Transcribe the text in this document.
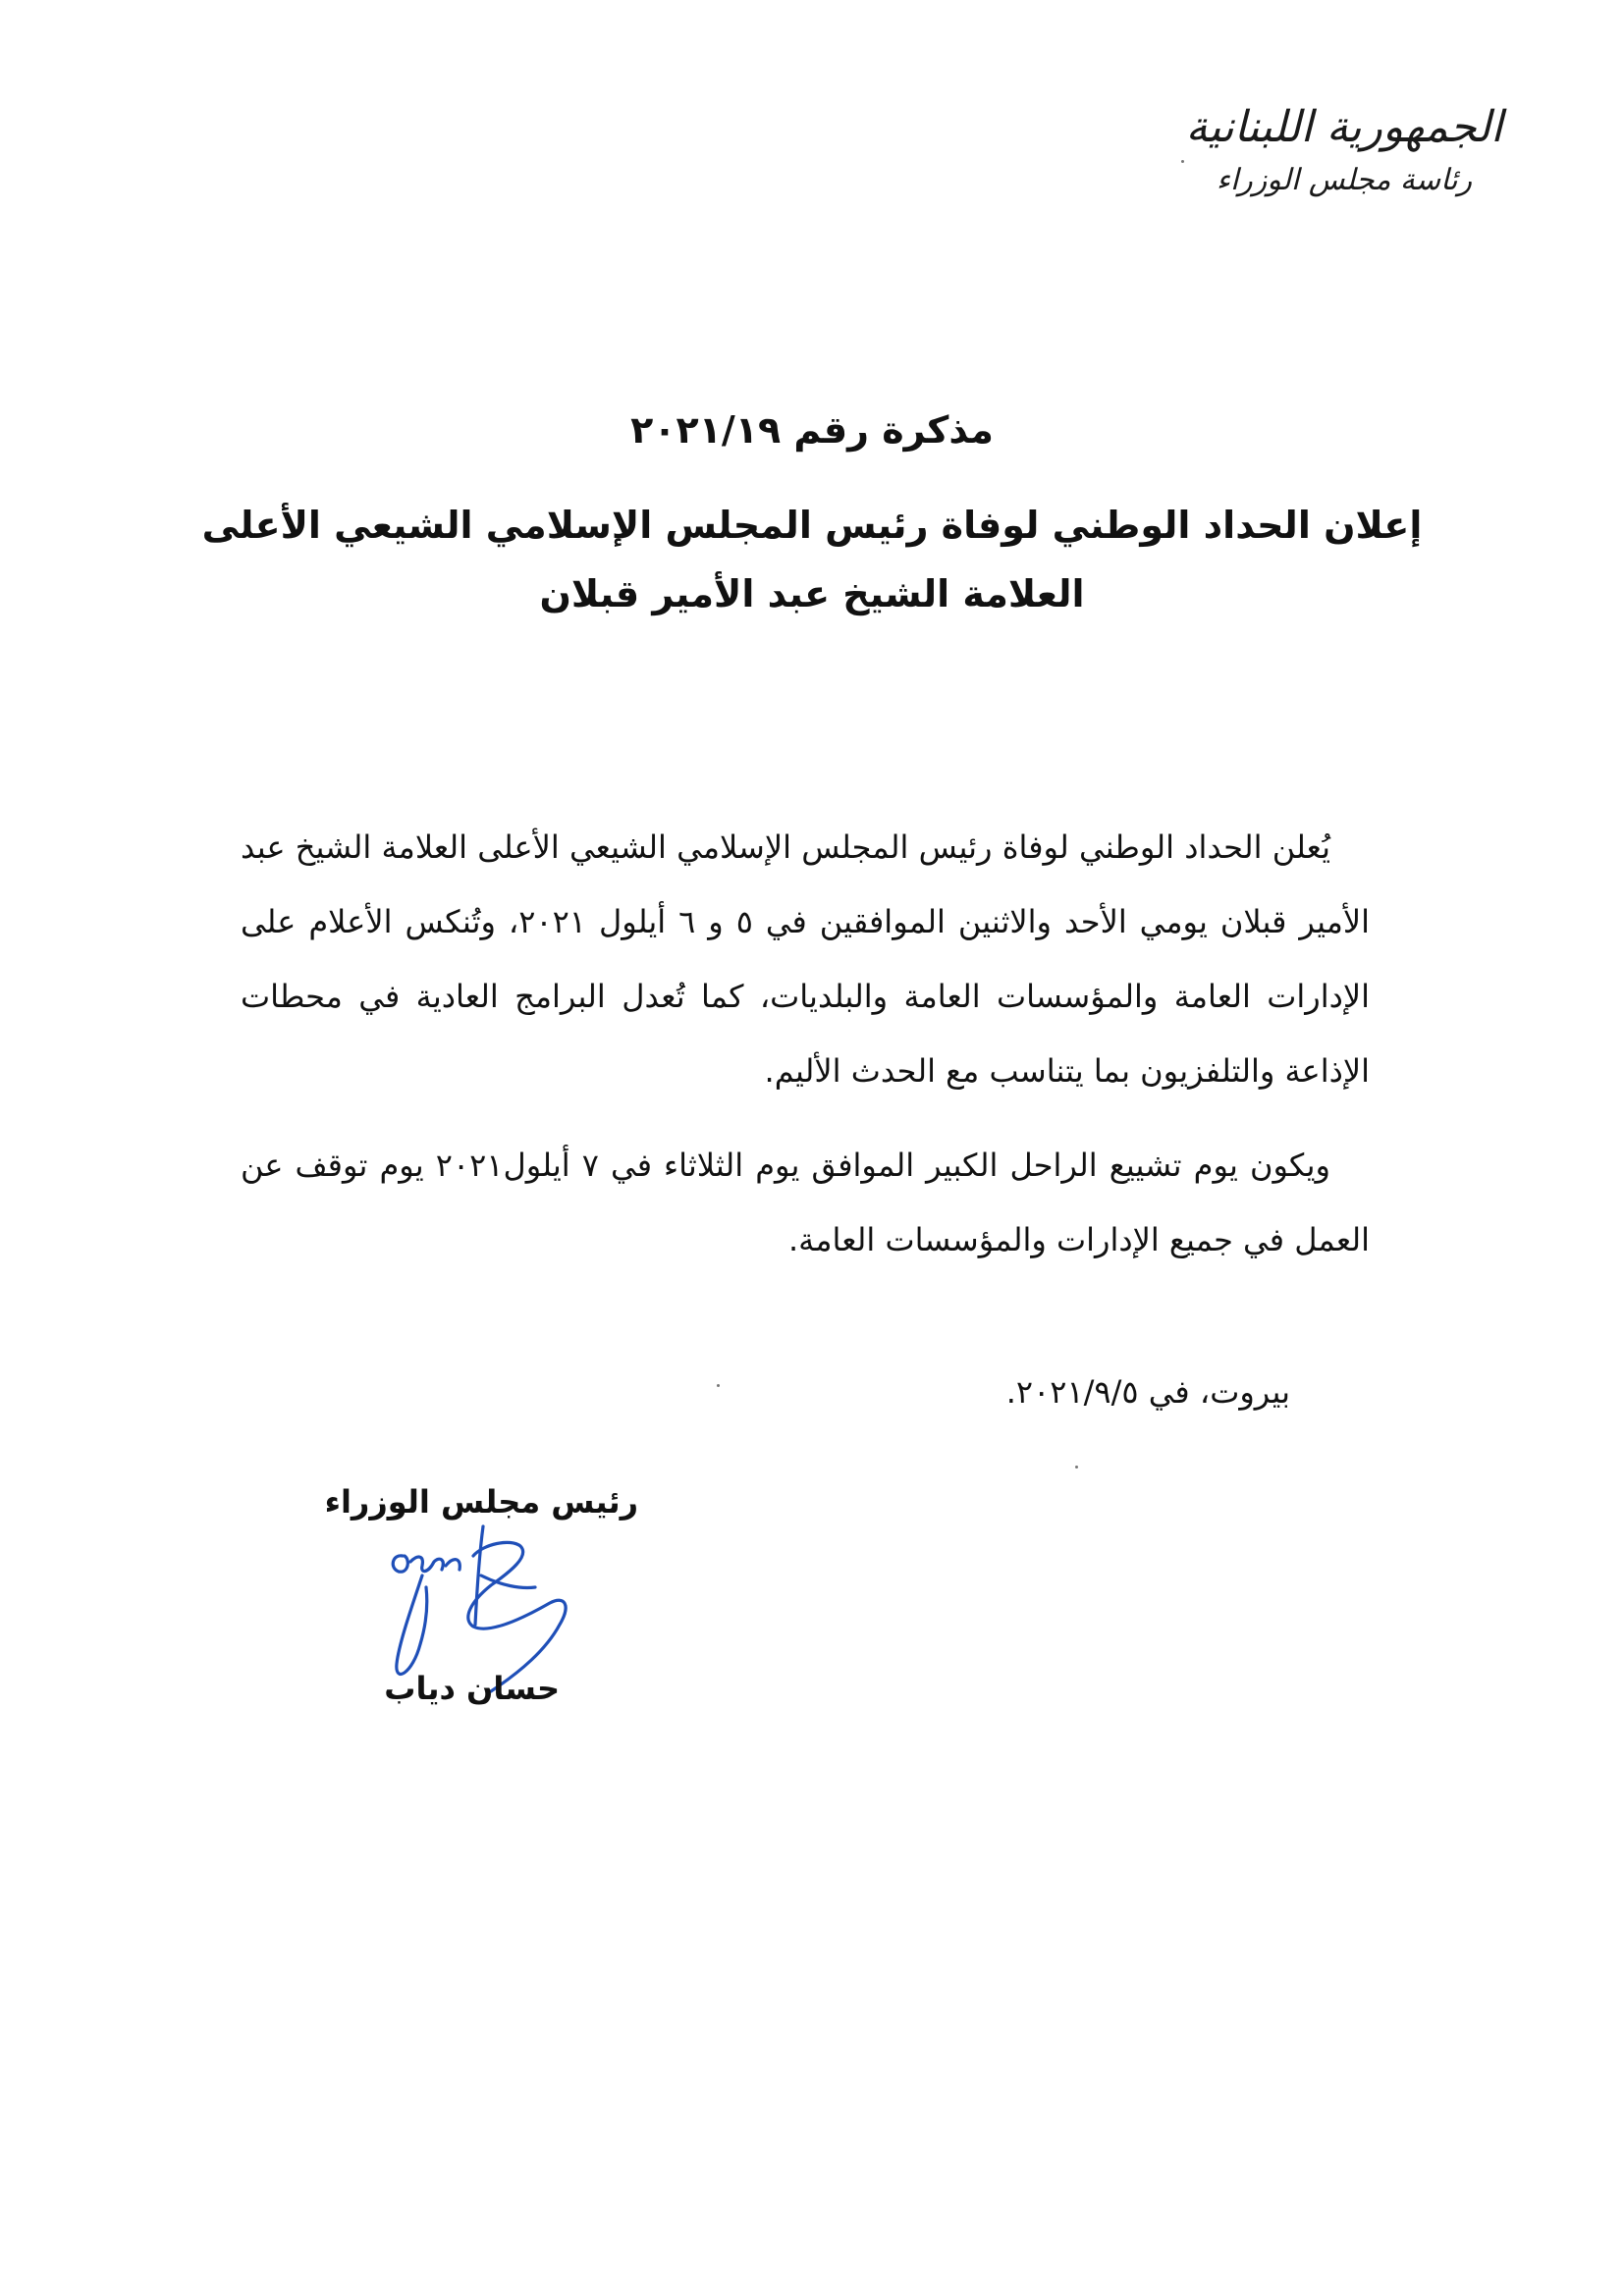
الجمهورية اللبنانية
رئاسة مجلس الوزراء
مذكرة رقم ٢٠٢١/١٩
إعلان الحداد الوطني لوفاة رئيس المجلس الإسلامي الشيعي الأعلى
العلامة الشيخ عبد الأمير قبلان

يُعلن الحداد الوطني لوفاة رئيس المجلس الإسلامي الشيعي الأعلى العلامة الشيخ عبد الأمير قبلان يومي الأحد والاثنين الموافقين في ٥ و ٦ أيلول ٢٠٢١، وتُنكس الأعلام على الإدارات العامة والمؤسسات العامة والبلديات، كما تُعدل البرامج العادية في محطات الإذاعة والتلفزيون بما يتناسب مع الحدث الأليم.

ويكون يوم تشييع الراحل الكبير الموافق يوم الثلاثاء في ٧ أيلول٢٠٢١ يوم توقف عن العمل في جميع الإدارات والمؤسسات العامة.

بيروت، في ٢٠٢١/٩/٥.
رئيس مجلس الوزراء
حسان دياب
